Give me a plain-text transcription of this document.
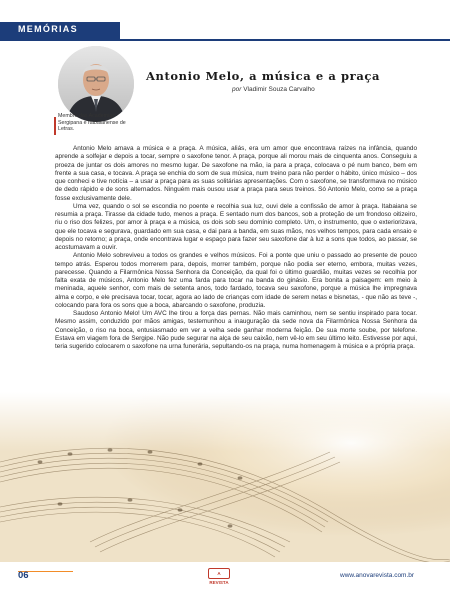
MEMÓRIAS
Membro das Academias Sergipana e Itabaianense de Letras.
Antonio Melo, a música e a praça
por Vladimir Souza Carvalho

Antonio Melo amava a música e a praça. A música, aliás, era um amor que encontrava raízes na infância, quando aprende a solfejar e depois a tocar, sempre o saxofone tenor. A praça, porque ali morou mais de cinquenta anos. Conseguiu a proeza de juntar os dois amores no mesmo lugar. De saxofone na mão, ia para a praça, colocava o pé num banco, bem em frente a sua casa, e tocava. A praça se enchia do som de sua música, num treino para não perder o hábito, único músico – dos que conheci e tive notícia – a usar a praça para as suas solitárias apresentações. Com o saxofone, se transformava no músico de dedo rápido e de sons alternados. Ninguém mais ousou usar a praça para seus treinos. Só Antonio Melo, como se a praça fosse exclusivamente dele.

Uma vez, quando o sol se escondia no poente e recolhia sua luz, ouvi dele a confissão de amor à praça. Itabaiana se resumia a praça. Tirasse da cidade tudo, menos a praça. E sentado num dos bancos, sob a proteção de um frondoso oitizeiro, riu o riso dos felizes, por amor à praça e a música, os dois sob seu domínio completo. Um, o instrumento, que o exteriorizava, que ele tocava e segurava, guardado em sua casa, e dai para a banda, em suas mãos, nos velhos tempos, para cada ensaio e depois no retorno; a praça, onde encontrava lugar e espaço para fazer seu saxofone dar à luz a sons que todos, ao passar, se acostumavam a ouvir.

Antonio Melo sobreviveu a todos os grandes e velhos músicos. Foi a ponte que uniu o passado ao presente de pouco tempo atrás. Esperou todos morrerem para, depois, morrer também, porque não podia ser eterno, embora, muitas vezes, parecesse. Quando a Filarmônica Nossa Senhora da Conceição, da qual foi o último guardião, muitas vezes se recolhia por falta exata de músicos, Antonio Melo fez uma farda para tocar na banda do ginásio. Era bonita a paisagem: em meio à meninada, aquele senhor, com mais de setenta anos, todo fardado, tocava seu saxofone, porque a música lhe impregnava alma e corpo, e ele precisava tocar, tocar, agora ao lado de crianças com idade de serem netas e bisnetas, - que não as teve -, colocando para fora os sons que a boca, abarcando o saxofone, produzia.

Saudoso Antonio Melo! Um AVC lhe tirou a força das pernas. Não mais caminhou, nem se sentiu inspirado para tocar. Mesmo assim, conduzido por mãos amigas, testemunhou a inauguração da sede nova da Filarmônica Nossa Senhora da Conceição, o riso na boca, entusiasmado em ver a velha sede ganhar moderna feição. De sua morte soube, por telefone. Estava em viagem fora de Sergipe. Não pude segurar na alça de seu caixão, nem vê-lo em seu último leito. Estivesse por aqui, teria sugerido colocarem o saxofone na urna funerária, sepultando-os na praça, numa homenagem à música e a própria praça.

06	A REVISTA
www.anovarevista.com.br
